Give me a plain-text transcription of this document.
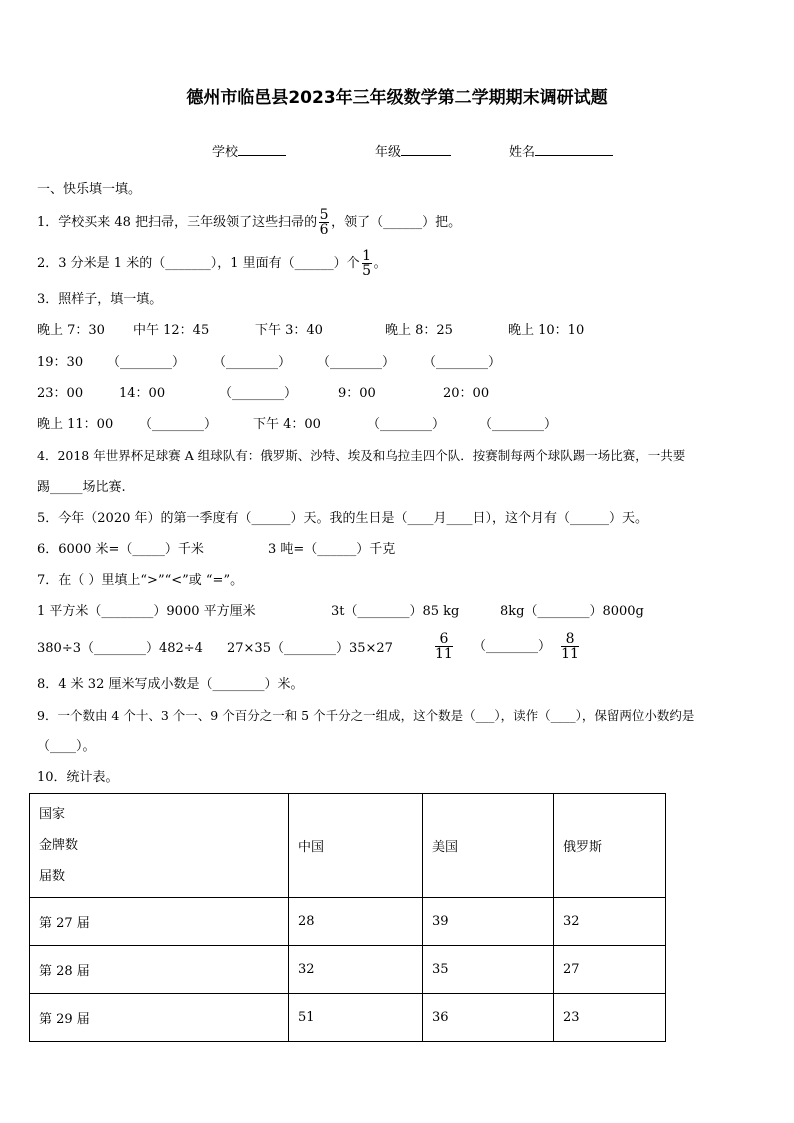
德州市临邑县2023年三年级数学第二学期期末调研试题
学校	年级	姓名
一、快乐填一填。
1．学校买来 48 把扫帚，三年级领了这些扫帚的 $\frac{5}{6}$ ，领了（______）把。
2．3 分米是 1 米的（_______），1 里面有（______）个 $\frac{1}{5}$ 。
3．照样子，填一填。
晚上 7：30 中午 12：45	下午 3：40	晚上 8：25	晚上 10：10
19：30 （________） （________） （________） （________）
23：00	14：00	（________）	9：00	20：00
晚上 11：00 （________）	下午 4：00	（________）	（________）
4．2018 年世界杯足球赛 A 组球队有：俄罗斯、沙特、埃及和乌拉圭四个队．按赛制每两个球队踢一场比赛，一共要
踢_____场比赛.
5．今年（2020 年）的第一季度有（______）天。我的生日是（____月____日），这个月有（______）天。
6．6000 米=（_____）千米	3 吨=（______）千克
7．在（ ）里填上“>”“<”或 “=”。
1 平方米（________）9000 平方厘米	3t（________）85 kg	8kg（________）8000g
380÷3（________）482÷4 27×35（________）35×27	$\frac{6}{11}$ （________） $\frac{8}{11}$
8．4 米 32 厘米写成小数是（________）米。
9．一个数由 4 个十、3 个一、9 个百分之一和 5 个千分之一组成，这个数是（___），读作（____），保留两位小数约是
（____）。
10．统计表。
国家
金牌数
届数	中国	美国	俄罗斯
第 27 届	28	39	32
第 28 届	32	35	27
第 29 届	51	36	23
